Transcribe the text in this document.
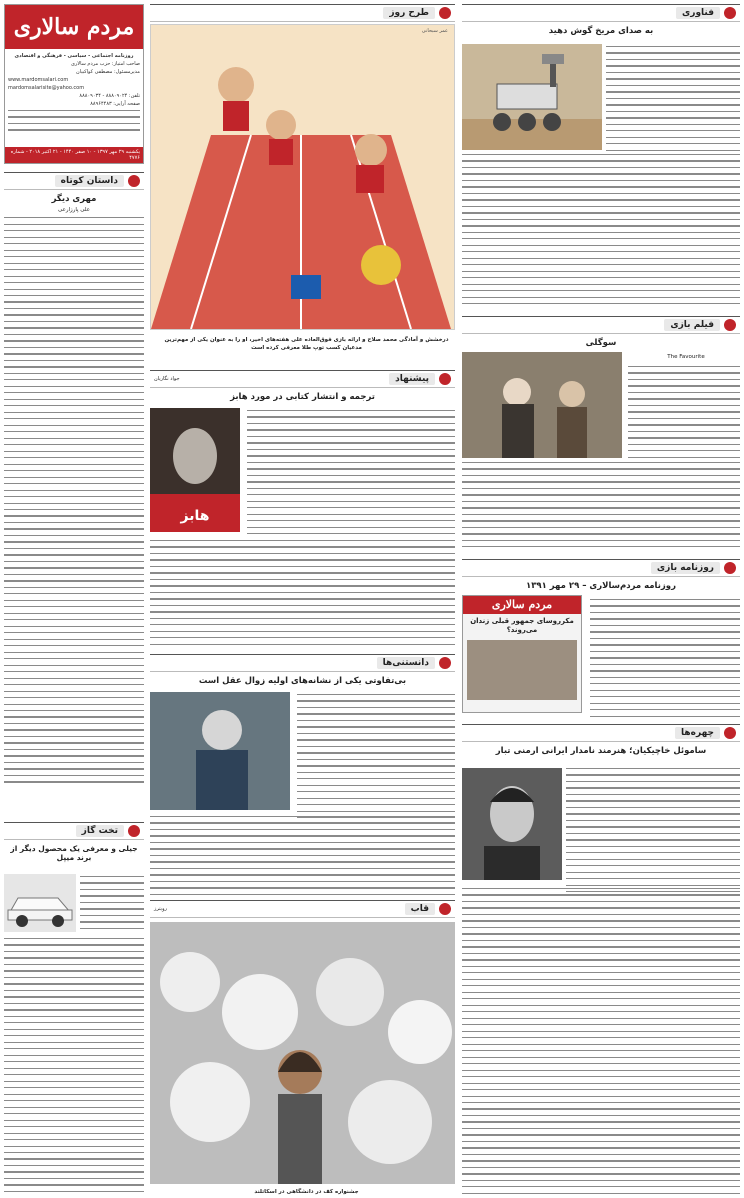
فناوری
به صدای مریخ گوش دهید
فیلم بازی
سوگلی
The Favourite
روزنامه بازی
روزنامه مردم‌سالاری – ۲۹ مهر ۱۳۹۱
مردم سالاری
مکرروسای جمهور قبلی زندان می‌روند؟
چهره‌ها
ساموئل خاچیکیان؛ هنرمند نامدار ایرانی ارمنی تبار
طرح روز
عمر سبحانی
درخشش و آمادگی محمد صلاح و ارائه بازی فوق‌العاده علی هفته‌های اخیر، او را به عنوان یکی از مهم‌ترین مدعیان کسب توپ طلا معرفی کرده است
پیشنهاد
جواد نگاریان
ترجمه و انتشار کتابی در مورد هابز
هابز
دانستنی‌ها
بی‌تفاوتی یکی از نشانه‌های اولیه زوال عقل است
قاب
رویترز
جشنواره کف در دانشگاهی در اسکاتلند
مردم سالاری
روزنامه اجتماعی - سیاسی - فرهنگی و اقتصادی
صاحب امتیاز: حزب مردم سالاری
مدیرمسئول: مصطفی کواکبیان
www.mardomsalari.com
mardomsalarisite@yahoo.com
تلفن: ۸۸۸۰۹۰۲۴ - ۸۸۸۰۹۰۳۴
صفحه آرایی: ۸۸۹۶۴۴۸۳
یکشنبه ۲۹ مهر ۱۳۹۷ - ۱۰ صفر ۱۴۴۰ - ۲۱ اکتبر ۲۰۱۸ - شماره ۴۷۷۶
داستان کوتاه
مهری دیگر
علی پارزارعی
تخت گاز
جیلی و معرفی یک محصول دیگر از برند میپل
